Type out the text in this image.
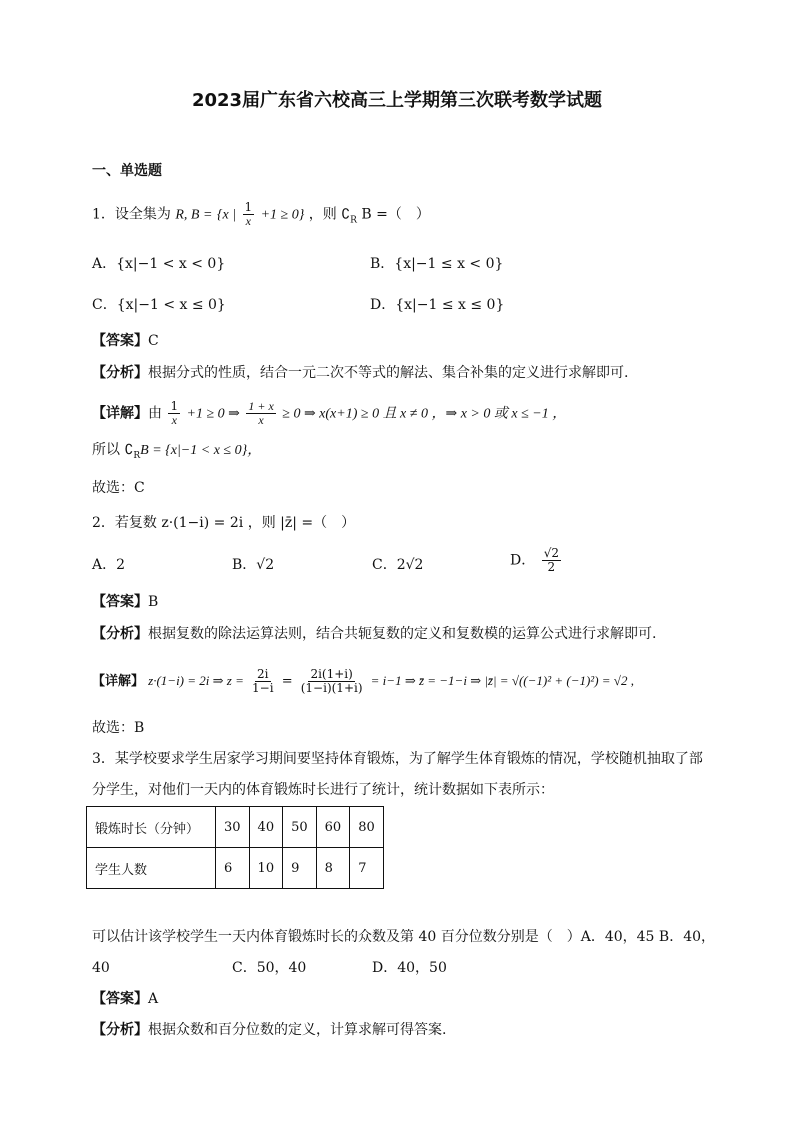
2023届广东省六校高三上学期第三次联考数学试题
一、单选题
1．设全集为 R, B = {x | $\frac{1}{x} +1 \ge 0$} ，则 $∁_R$ B =（　）
A．{x|−1 < x < 0}	B．{x|−1 ≤ x < 0}
C．{x|−1 < x ≤ 0}	D．{x|−1 ≤ x ≤ 0}
【答案】C
【分析】根据分式的性质，结合一元二次不等式的解法、集合补集的定义进行求解即可.
【详解】由 $\frac{1}{x} +1 \ge 0$ ⇒ $\frac{1 + x}{x} \ge 0$ ⇒ x(x+1) ≥ 0 且 x ≠ 0 ，⇒ x > 0 或 x ≤ −1 ，
所以 $∁_RB = \{x|-1 < x \le 0\}$，
故选：C
2．若复数 z·(1−i) = 2i ，则 |z̄| =（　）
A．2	B．√2	C．2√2	D． $\frac{√2}{2}$
【答案】B
【分析】根据复数的除法运算法则，结合共轭复数的定义和复数模的运算公式进行求解即可.
【详解】 z·(1−i) = 2i ⇒ $z = \frac{2i}{1-i} = \frac{2i(1+i)}{(1-i)(1+i)} = i-1$ ⇒ z̄ = −1−i ⇒ |z̄| = √((−1)² + (−1)²) = √2 ,
故选：B
3．某学校要求学生居家学习期间要坚持体育锻炼，为了解学生体育锻炼的情况，学校随机抽取了部
分学生，对他们一天内的体育锻炼时长进行了统计，统计数据如下表所示：
锻炼时长（分钟）	30	40	50	60	80
学生人数	6	10	9	8	7
可以估计该学校学生一天内体育锻炼时长的众数及第 40 百分位数分别是（　）A．40，45 B．40，
40	C．50，40	D．40，50
【答案】A
【分析】根据众数和百分位数的定义，计算求解可得答案.
